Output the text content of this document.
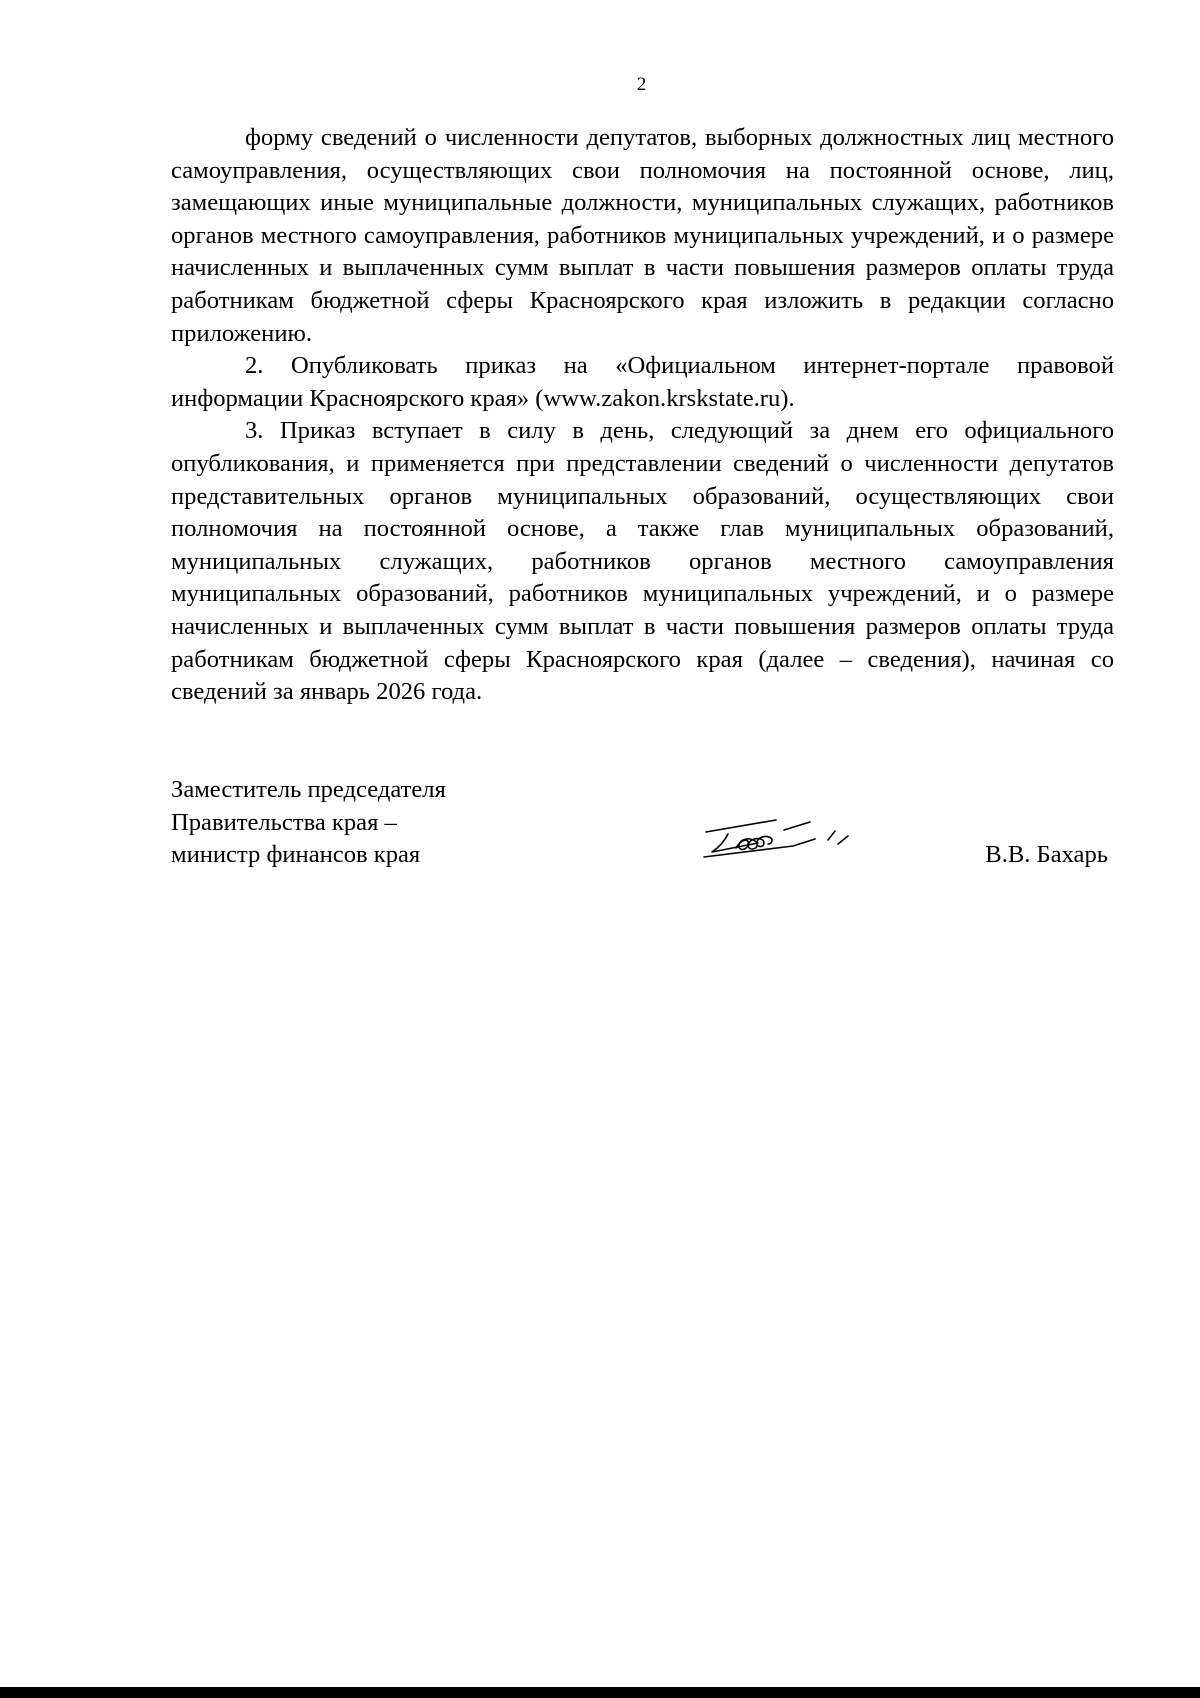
2

форму сведений о численности депутатов, выборных должностных лиц местного самоуправления, осуществляющих свои полномочия на постоянной основе, лиц, замещающих иные муниципальные должности, муниципальных служащих, работников органов местного самоуправления, работников муниципальных учреждений, и о размере начисленных и выплаченных сумм выплат в части повышения размеров оплаты труда работникам бюджетной сферы Красноярского края изложить в редакции согласно приложению.

2. Опубликовать приказ на «Официальном интернет-портале правовой информации Красноярского края» (www.zakon.krskstate.ru).

3. Приказ вступает в силу в день, следующий за днем его официального опубликования, и применяется при представлении сведений о численности депутатов представительных органов муниципальных образований, осуществляющих свои полномочия на постоянной основе, а также глав муниципальных образований, муниципальных служащих, работников органов местного самоуправления муниципальных образований, работников муниципальных учреждений, и о размере начисленных и выплаченных сумм выплат в части повышения размеров оплаты труда работникам бюджетной сферы Красноярского края (далее – сведения), начиная со сведений за январь 2026 года.

Заместитель председателя
Правительства края –
министр финансов края	В.В. Бахарь
